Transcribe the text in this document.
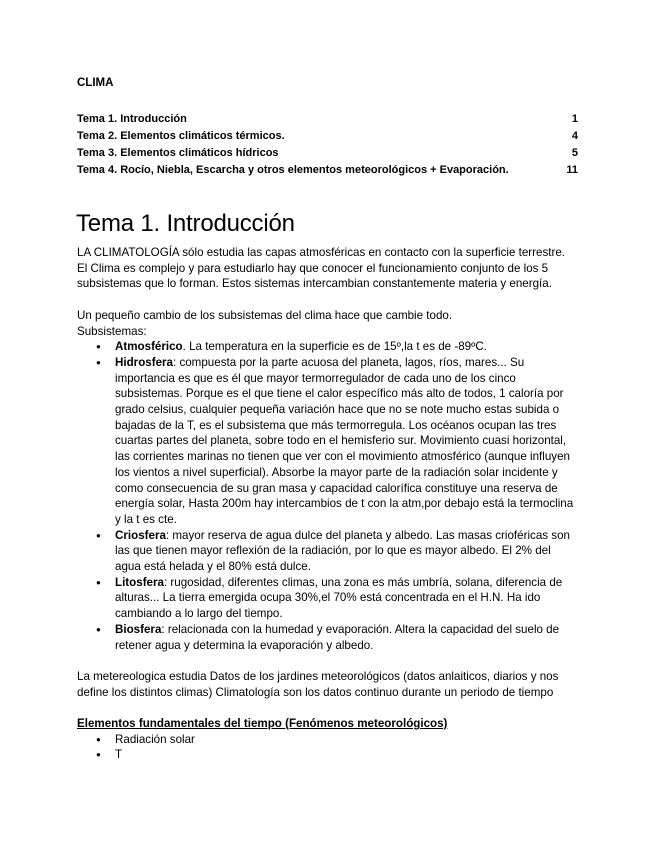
CLIMA
Tema 1. Introducción	1
Tema 2. Elementos climáticos térmicos.	4
Tema 3. Elementos climáticos hídricos	5
Tema 4. Rocío, Niebla, Escarcha y otros elementos meteorológicos + Evaporación.	11
Tema 1. Introducción

LA CLIMATOLOGÍA sólo estudia las capas atmosféricas en contacto con la superficie terrestre. El Clima es complejo y para estudiarlo hay que conocer el funcionamiento conjunto de los 5 subsistemas que lo forman. Estos sistemas intercambian constantemente materia y energía.

Un pequeño cambio de los subsistemas del clima hace que cambie todo.

Subsistemas:

● Atmosférico. La temperatura en la superficie es de 15º,la t es de -89ºC.
● Hidrosfera: compuesta por la parte acuosa del planeta, lagos, ríos, mares... Su importancia es que es él que mayor termorregulador de cada uno de los cinco subsistemas. Porque es el que tiene el calor específico más alto de todos, 1 caloría por grado celsius, cualquier pequeña variación hace que no se note mucho estas subida o bajadas de la T, es el subsistema que más termorregula. Los océanos ocupan las tres cuartas partes del planeta, sobre todo en el hemisferio sur. Movimiento cuasi horizontal, las corrientes marinas no tienen que ver con el movimiento atmosférico (aunque influyen los vientos a nivel superficial). Absorbe la mayor parte de la radiación solar incidente y como consecuencia de su gran masa y capacidad calorífica constituye una reserva de energía solar, Hasta 200m hay intercambios de t con la atm,por debajo está la termoclina y la t es cte.
● Criosfera: mayor reserva de agua dulce del planeta y albedo. Las masas crioféricas son las que tienen mayor reflexión de la radiación, por lo que es mayor albedo. El 2% del agua está helada y el 80% está dulce.
● Litosfera: rugosidad, diferentes climas, una zona es más umbría, solana, diferencia de alturas... La tierra emergida ocupa 30%,el 70% está concentrada en el H.N. Ha ido cambiando a lo largo del tiempo.
● Biosfera: relacionada con la humedad y evaporación. Altera la capacidad del suelo de retener agua y determina la evaporación y albedo.

La metereologica estudia Datos de los jardines meteorológicos (datos anlaiticos, diarios y nos define los distintos climas) Climatología son los datos continuo durante un periodo de tiempo

Elementos fundamentales del tiempo (Fenómenos meteorológicos)

● Radiación solar
● T
